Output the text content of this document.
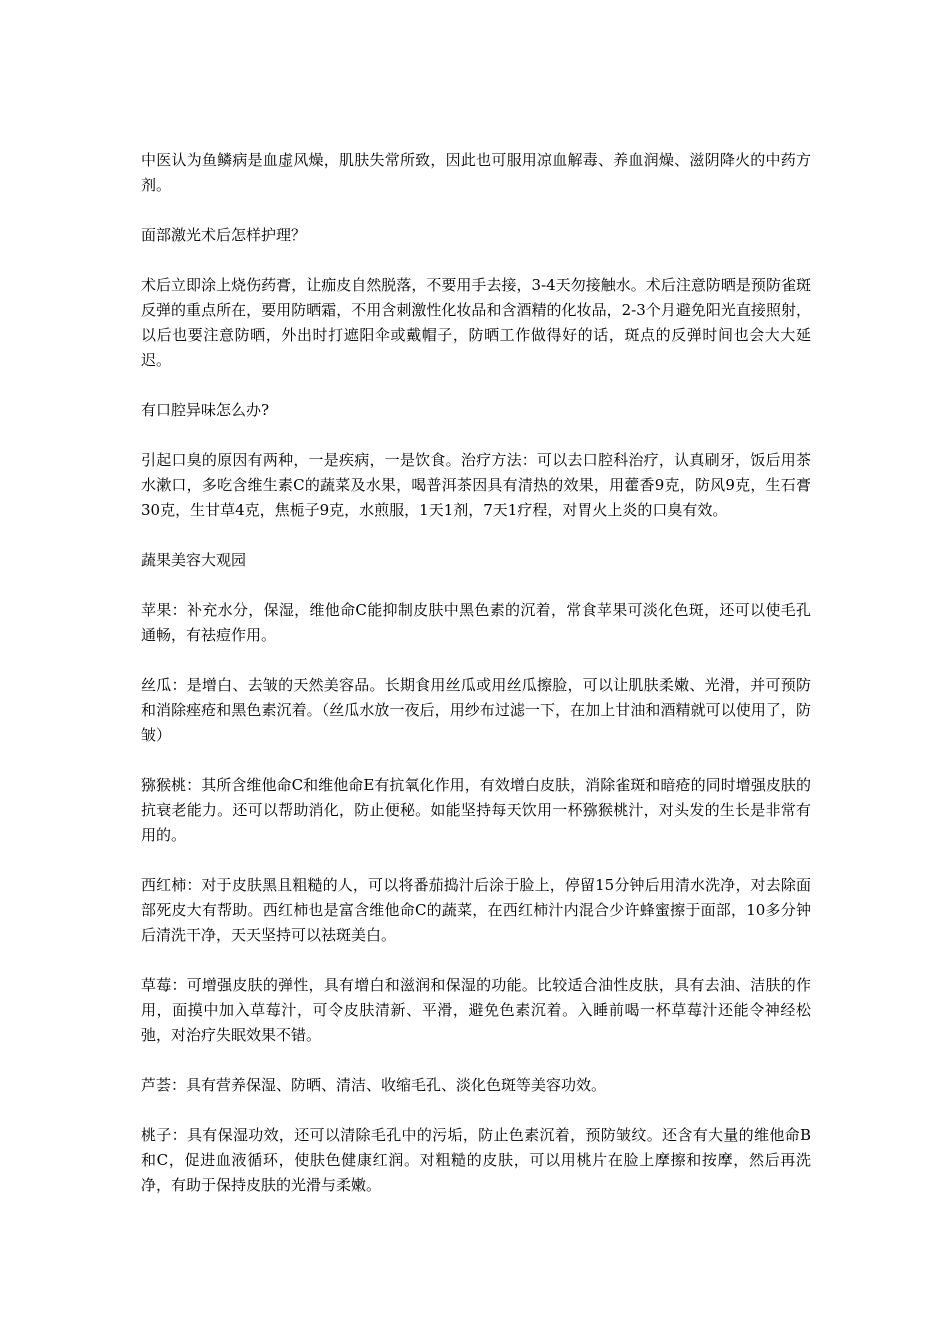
中医认为鱼鳞病是血虚风燥，肌肤失常所致，因此也可服用凉血解毒、养血润燥、滋阴降火的中药方剂。

面部激光术后怎样护理？

术后立即涂上烧伤药膏，让痂皮自然脱落，不要用手去接，3-4天勿接触水。术后注意防晒是预防雀斑反弹的重点所在，要用防晒霜，不用含刺激性化妆品和含酒精的化妆品，2-3个月避免阳光直接照射，以后也要注意防晒，外出时打遮阳伞或戴帽子，防晒工作做得好的话，斑点的反弹时间也会大大延迟。

有口腔异味怎么办?

引起口臭的原因有两种，一是疾病，一是饮食。治疗方法：可以去口腔科治疗，认真刷牙，饭后用茶水漱口，多吃含维生素C的蔬菜及水果，喝普洱茶因具有清热的效果，用藿香9克，防风9克，生石膏30克，生甘草4克，焦栀子9克，水煎服，1天1剂，7天1疗程，对胃火上炎的口臭有效。

蔬果美容大观园

苹果：补充水分，保湿，维他命C能抑制皮肤中黑色素的沉着，常食苹果可淡化色斑，还可以使毛孔通畅，有祛痘作用。

丝瓜：是增白、去皱的天然美容品。长期食用丝瓜或用丝瓜擦脸，可以让肌肤柔嫩、光滑，并可预防和消除痤疮和黑色素沉着。（丝瓜水放一夜后，用纱布过滤一下，在加上甘油和酒精就可以使用了，防皱）

猕猴桃：其所含维他命C和维他命E有抗氧化作用，有效增白皮肤，消除雀斑和暗疮的同时增强皮肤的抗衰老能力。还可以帮助消化，防止便秘。如能坚持每天饮用一杯猕猴桃汁，对头发的生长是非常有用的。

西红柿：对于皮肤黑且粗糙的人，可以将番茄捣汁后涂于脸上，停留15分钟后用清水洗净，对去除面部死皮大有帮助。西红柿也是富含维他命C的蔬菜，在西红柿汁内混合少许蜂蜜擦于面部，10多分钟后清洗干净，天天坚持可以祛斑美白。

草莓：可增强皮肤的弹性，具有增白和滋润和保湿的功能。比较适合油性皮肤，具有去油、洁肤的作用，面摸中加入草莓汁，可令皮肤清新、平滑，避免色素沉着。入睡前喝一杯草莓汁还能令神经松弛，对治疗失眠效果不错。

芦荟：具有营养保湿、防晒、清洁、收缩毛孔、淡化色斑等美容功效。

桃子：具有保湿功效，还可以清除毛孔中的污垢，防止色素沉着，预防皱纹。还含有大量的维他命B和C，促进血液循环，使肤色健康红润。对粗糙的皮肤，可以用桃片在脸上摩擦和按摩，然后再洗净，有助于保持皮肤的光滑与柔嫩。
